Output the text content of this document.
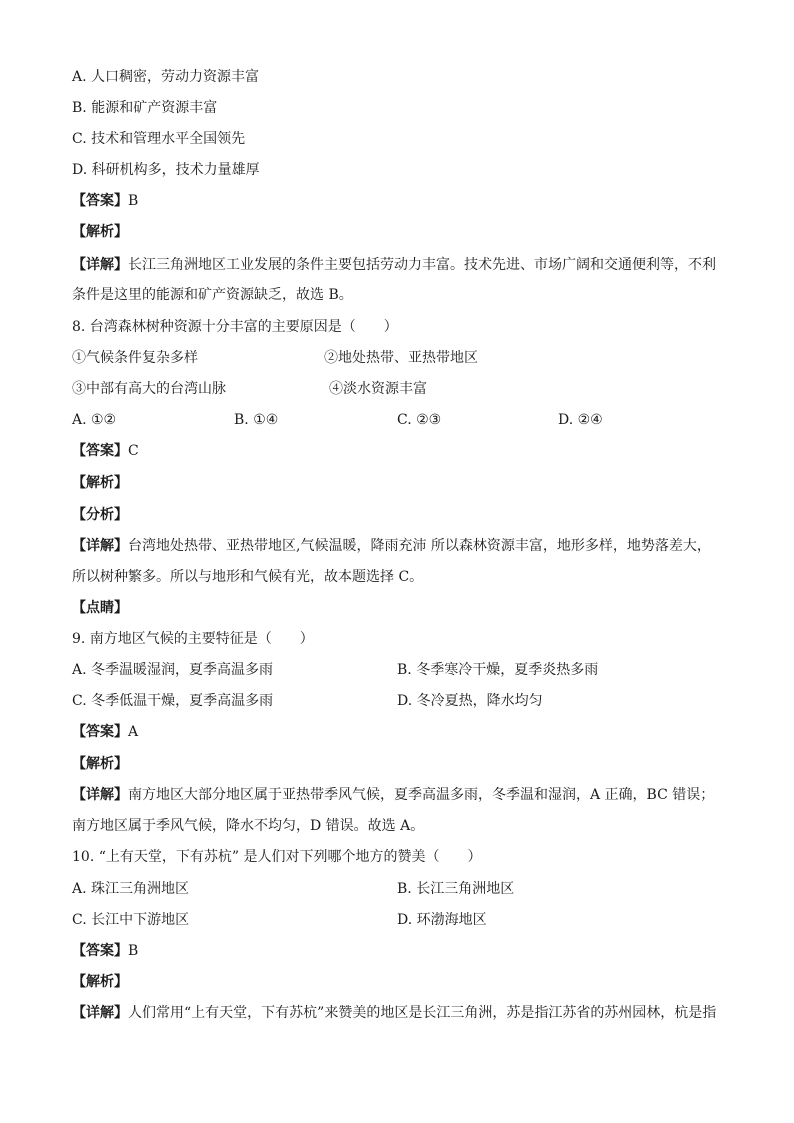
A. 人口稠密，劳动力资源丰富
B. 能源和矿产资源丰富
C. 技术和管理水平全国领先
D. 科研机构多，技术力量雄厚
【答案】B
【解析】
【详解】长江三角洲地区工业发展的条件主要包括劳动力丰富。技术先进、市场广阔和交通便利等，不利
条件是这里的能源和矿产资源缺乏，故选 B。
8. 台湾森林树种资源十分丰富的主要原因是（　　）
①气候条件复杂多样	②地处热带、亚热带地区
③中部有高大的台湾山脉	④淡水资源丰富
A. ①②	B. ①④	C. ②③	D. ②④
【答案】C
【解析】
【分析】
【详解】台湾地处热带、亚热带地区,气候温暖，降雨充沛 所以森林资源丰富，地形多样，地势落差大，
所以树种繁多。所以与地形和气候有光，故本题选择 C。
【点睛】
9. 南方地区气候的主要特征是（　　）
A. 冬季温暖湿润，夏季高温多雨	B. 冬季寒冷干燥，夏季炎热多雨
C. 冬季低温干燥，夏季高温多雨	D. 冬冷夏热，降水均匀
【答案】A
【解析】
【详解】南方地区大部分地区属于亚热带季风气候，夏季高温多雨，冬季温和湿润，A 正确，BC 错误；
南方地区属于季风气候，降水不均匀，D 错误。故选 A。
10. “上有天堂，下有苏杭” 是人们对下列哪个地方的赞美（　　）
A. 珠江三角洲地区	B. 长江三角洲地区
C. 长江中下游地区	D. 环渤海地区
【答案】B
【解析】
【详解】人们常用“上有天堂，下有苏杭”来赞美的地区是长江三角洲，苏是指江苏省的苏州园林，杭是指
